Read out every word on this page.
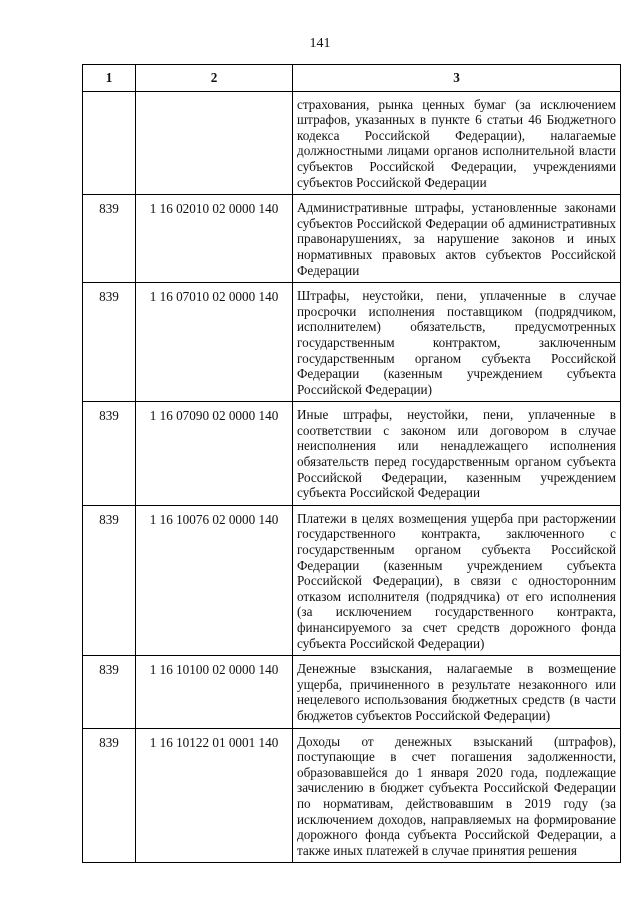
141
1	2	3
		страхования, рынка ценных бумаг (за исключением штрафов, указанных в пункте 6 статьи 46 Бюджетного кодекса Российской Федерации), налагаемые должностными лицами органов исполнительной власти субъектов Российской Федерации, учреждениями субъектов Российской Федерации
839	1 16 02010 02 0000 140	Административные штрафы, установленные законами субъектов Российской Федерации об административных правонарушениях, за нарушение законов и иных нормативных правовых актов субъектов Российской Федерации
839	1 16 07010 02 0000 140	Штрафы, неустойки, пени, уплаченные в случае просрочки исполнения поставщиком (подрядчиком, исполнителем) обязательств, предусмотренных государственным контрактом, заключенным государственным органом субъекта Российской Федерации (казенным учреждением субъекта Российской Федерации)
839	1 16 07090 02 0000 140	Иные штрафы, неустойки, пени, уплаченные в соответствии с законом или договором в случае неисполнения или ненадлежащего исполнения обязательств перед государственным органом субъекта Российской Федерации, казенным учреждением субъекта Российской Федерации
839	1 16 10076 02 0000 140	Платежи в целях возмещения ущерба при расторжении государственного контракта, заключенного с государственным органом субъекта Российской Федерации (казенным учреждением субъекта Российской Федерации), в связи с односторонним отказом исполнителя (подрядчика) от его исполнения (за исключением государственного контракта, финансируемого за счет средств дорожного фонда субъекта Российской Федерации)
839	1 16 10100 02 0000 140	Денежные взыскания, налагаемые в возмещение ущерба, причиненного в результате незаконного или нецелевого использования бюджетных средств (в части бюджетов субъектов Российской Федерации)
839	1 16 10122 01 0001 140	Доходы от денежных взысканий (штрафов), поступающие в счет погашения задолженности, образовавшейся до 1 января 2020 года, подлежащие зачислению в бюджет субъекта Российской Федерации по нормативам, действовавшим в 2019 году (за исключением доходов, направляемых на формирование дорожного фонда субъекта Российской Федерации, а также иных платежей в случае принятия решения
